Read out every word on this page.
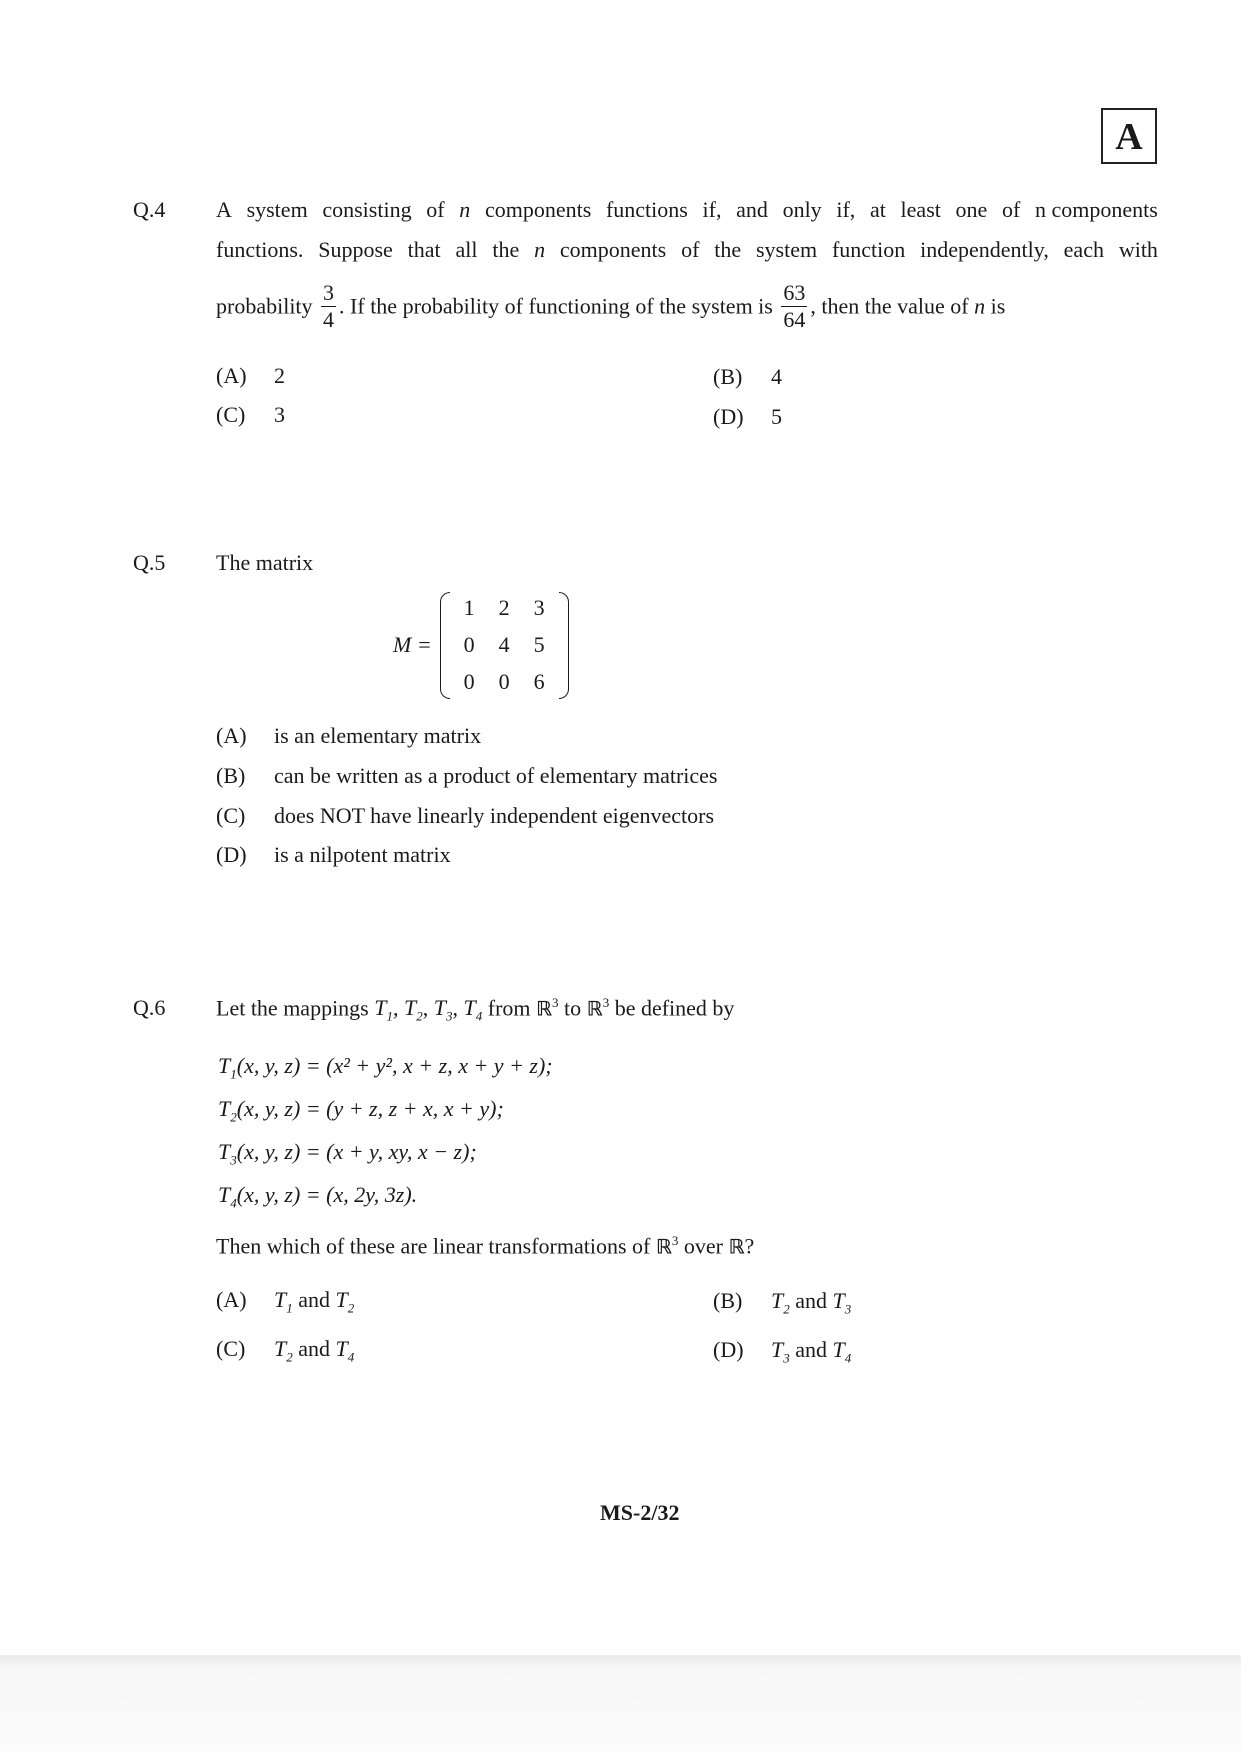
A
Q.4 A system consisting of n components functions if, and only if, at least one of n components
functions. Suppose that all the n components of the system function independently, each with
probability $\frac{3}{4}$ . If the probability of functioning of the system is $\frac{63}{64}$ , then the value of n is
(A) 2	(B) 4
(C) 3	(D) 5
Q.5 The matrix
M =
1	2	3
0	4	5
0	0	6
(A) is an elementary matrix
(B) can be written as a product of elementary matrices
(C) does NOT have linearly independent eigenvectors
(D) is a nilpotent matrix
Q.6 Let the mappings $T_1$, $T_2$, $T_3$, $T_4$ from ℝ$^3$ to ℝ$^3$ be defined by
$T_1(x$, y, z) = (x² + y², x + z, x + y + z);
$T_2(x$, y, z) = (y + z, z + x, x + y);
$T_3(x$, y, z) = (x + y, xy, x − z);
$T_4(x$, y, z) = (x, 2y, 3z).
Then which of these are linear transformations of ℝ$^3$ over ℝ?
(A) $T_1$ and $T_2$	(B) $T_2$ and $T_3$
(C) $T_2$ and $T_4$	(D) $T_3$ and $T_4$
MS-2/32
